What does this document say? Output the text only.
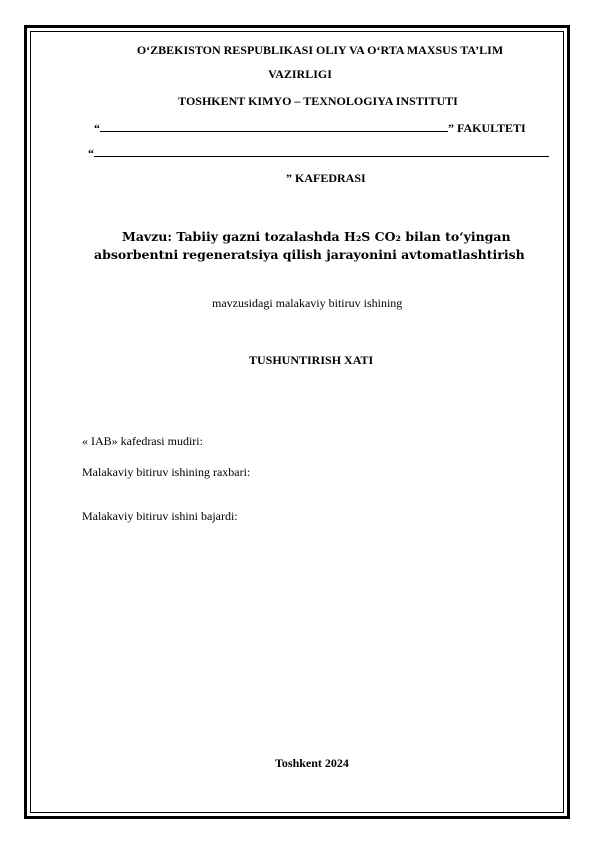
O‘ZBEKISTON RESPUBLIKASI OLIY VA O‘RTA MAXSUS TA’LIM
VAZIRLIGI
TOSHKENT KIMYO – TEXNOLOGIYA INSTITUTI
“	” FAKULTETI
“
” KAFEDRASI
Mavzu: Tabiiy gazni tozalashda H₂S CO₂ bilan to‘yingan
absorbentni regeneratsiya qilish jarayonini avtomatlashtirish
mavzusidagi malakaviy bitiruv ishining
TUSHUNTIRISH XATI
« IAB» kafedrasi mudiri:
Malakaviy bitiruv ishining raxbari:
Malakaviy bitiruv ishini bajardi:
Toshkent 2024
